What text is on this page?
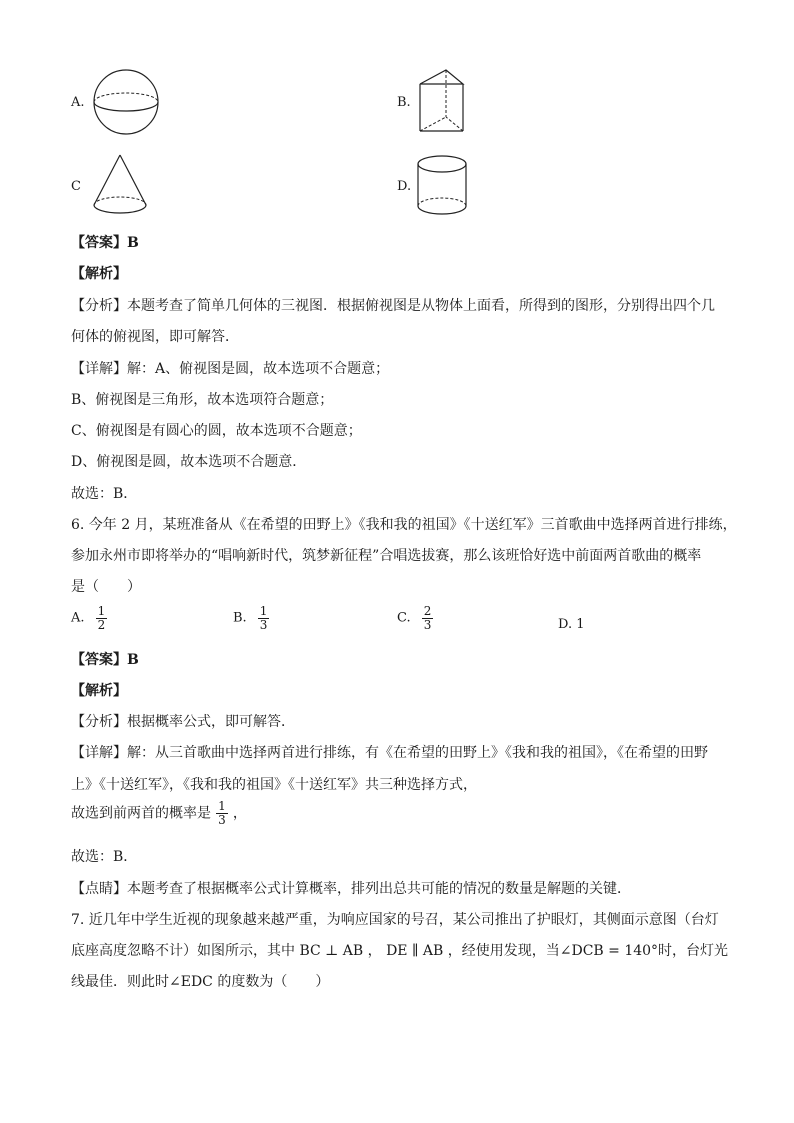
A.	B.
C	D.
【答案】B
【解析】
【分析】本题考查了简单几何体的三视图．根据俯视图是从物体上面看，所得到的图形，分别得出四个几
何体的俯视图，即可解答．
【详解】解：A、俯视图是圆，故本选项不合题意；
B、俯视图是三角形，故本选项符合题意；
C、俯视图是有圆心的圆，故本选项不合题意；
D、俯视图是圆，故本选项不合题意．
故选：B．
6. 今年 2 月，某班准备从《在希望的田野上》《我和我的祖国》《十送红军》三首歌曲中选择两首进行排练，
参加永州市即将举办的“唱响新时代，筑梦新征程”合唱选拔赛，那么该班恰好选中前面两首歌曲的概率
是（　　）
A. $\frac{1}{2}$	B. $\frac{1}{3}$	C. $\frac{2}{3}$	D. 1
【答案】B
【解析】
【分析】根据概率公式，即可解答．
【详解】解：从三首歌曲中选择两首进行排练，有《在希望的田野上》《我和我的祖国》，《在希望的田野
上》《十送红军》，《我和我的祖国》《十送红军》共三种选择方式，
故选到前两首的概率是 $\frac{1}{3}$ ，
故选：B．
【点睛】本题考查了根据概率公式计算概率，排列出总共可能的情况的数量是解题的关键．
7. 近几年中学生近视的现象越来越严重，为响应国家的号召，某公司推出了护眼灯，其侧面示意图（台灯
底座高度忽略不计）如图所示，其中 BC ⊥ AB ， DE ∥ AB ，经使用发现，当∠DCB = 140°时，台灯光
线最佳．则此时∠EDC 的度数为（　　）
